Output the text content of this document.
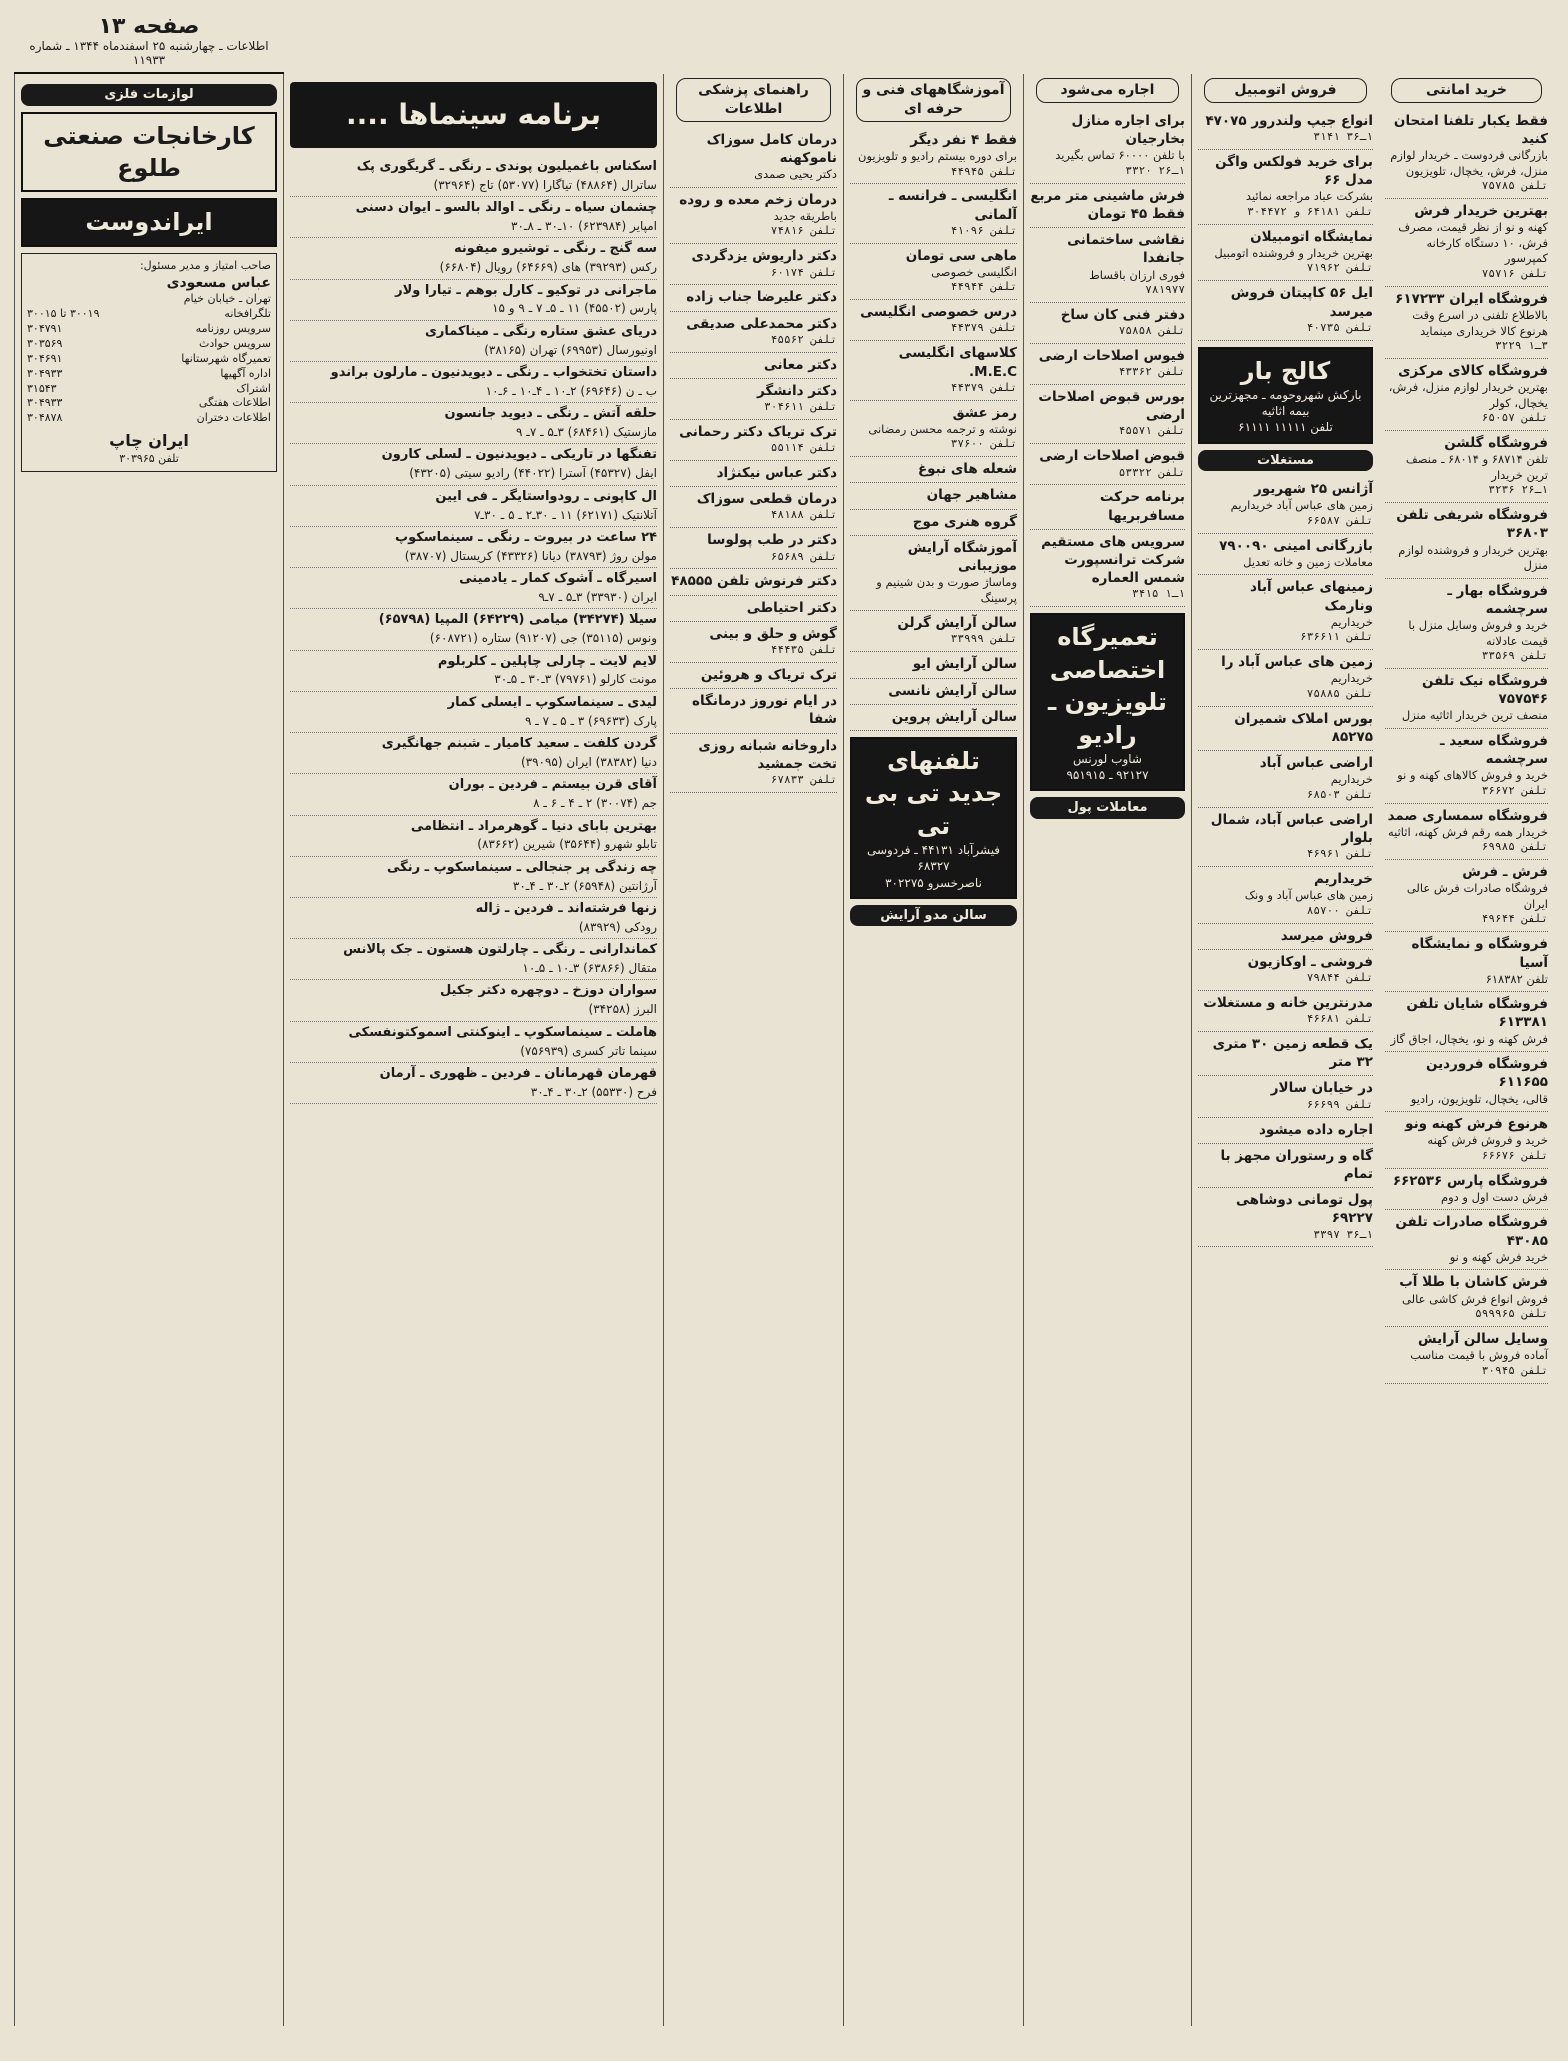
صفحه ۱۳
اطلاعات ـ چهارشنبه ۲۵ اسفندماه ۱۳۴۴ ـ شماره ۱۱۹۳۳
خرید امانتی
فقط یکبار تلفنا امتحان کنید
بازرگانی فردوست ـ خریدار لوازم منزل، فرش، یخچال، تلویزیون
تلفن ۷۵۷۸۵
بهترین خریدار فرش
کهنه و نو از نظر قیمت، مصرف فرش، ۱۰ دستگاه کارخانه کمپرسور
تلفن ۷۵۷۱۶
فروشگاه ایران ۶۱۷۲۳۳
بالاطلاع تلفنی در اسرع وقت هرنوع کالا خریداری مینماید
۳ـ۱ ۳۲۲۹
فروشگاه کالای مرکزی
بهترین خریدار لوازم منزل، فرش، یخچال، کولر
تلفن ۶۵۰۵۷
فروشگاه گلشن
تلفن ۶۸۷۱۴ و ۶۸۰۱۴ ـ منصف ترین خریدار
۱ـ۲۶ ۳۲۳۶
فروشگاه شریفی تلفن ۳۶۸۰۳
بهترین خریدار و فروشنده لوازم منزل
فروشگاه بهار ـ سرچشمه
خرید و فروش وسایل منزل با قیمت عادلانه
تلفن ۳۳۵۶۹
فروشگاه نیک تلفن ۷۵۷۵۴۶
منصف ترین خریدار اثاثیه منزل
فروشگاه سعید ـ سرچشمه
خرید و فروش کالاهای کهنه و نو
تلفن ۳۶۶۷۲
فروشگاه سمساری صمد
خریدار همه رقم فرش کهنه، اثاثیه
تلفن ۶۹۹۸۵
فرش ـ فرش
فروشگاه صادرات فرش عالی ایران
تلفن ۴۹۶۴۴
فروشگاه و نمایشگاه آسیا
تلفن ۶۱۸۳۸۲
فروشگاه شایان تلفن ۶۱۳۳۸۱
فرش کهنه و نو، یخچال، اجاق گاز
فروشگاه فروردین ۶۱۱۶۵۵
قالی، یخچال، تلویزیون، رادیو
هرنوع فرش کهنه ونو
خرید و فروش فرش کهنه
تلفن ۶۶۶۷۶
فروشگاه پارس ۶۶۲۵۳۶
فرش دست اول و دوم
فروشگاه صادرات تلفن ۴۳۰۸۵
خرید فرش کهنه و نو
فرش کاشان با طلا آب
فروش انواع فرش کاشی عالی
تلفن ۵۹۹۹۶۵
وسایل سالن آرایش
آماده فروش با قیمت مناسب
تلفن ۳۰۹۴۵
فروش اتومبیل
انواع جیپ ولندرور ۴۷۰۷۵
۱ـ۳۶ ۳۱۴۱
برای خرید فولکس واگن مدل ۶۶
بشرکت عباد مراجعه نمائید
تلفن ۶۴۱۸۱ و ۳۰۴۴۷۲
نمایشگاه اتومبیلان
بهترین خریدار و فروشنده اتومبیل
تلفن ۷۱۹۶۲
ایل ۵۶ کاپیتان فروش میرسد
تلفن ۴۰۷۳۵
کالج بار
بارکش شهروحومه ـ مجهزترین بیمه اثاثیه
تلفن ۱۱۱۱۱ ۶۱۱۱۱
مستغلات
آژانس ۲۵ شهریور
زمین های عباس آباد خریداریم
تلفن ۶۶۵۸۷
بازرگانی امینی ۷۹۰۰۹۰
معاملات زمین و خانه تعدیل
زمینهای عباس آباد ونارمک
خریداریم
تلفن ۶۳۶۶۱۱
زمین های عباس آباد را
خریداریم
تلفن ۷۵۸۸۵
بورس املاک شمیران ۸۵۲۷۵
اراضی عباس آباد
خریداریم
تلفن ۶۸۵۰۳
اراضی عباس آباد، شمال بلوار
تلفن ۴۶۹۶۱
خریداریم
زمین های عباس آباد و ونک
تلفن ۸۵۷۰۰
فروش میرسد
فروشی ـ اوکازیون
تلفن ۷۹۸۴۴
مدرنترین خانه و مستغلات
تلفن ۴۶۶۸۱
یک قطعه زمین ۳۰ متری ۳۲ متر
در خیابان سالار
تلفن ۶۶۶۹۹
اجاره داده میشود
گاه و رستوران مجهز با تمام
پول تومانی دوشاهی ۶۹۲۲۷
۱ـ۳۶ ۳۳۹۷
اجاره می‌شود
برای اجاره منازل بخارجیان
با تلفن ۶۰۰۰۰ تماس بگیرید
۱ـ۲۶ ۳۳۲۰
فرش ماشینی متر مربع فقط ۴۵ تومان
نقاشی ساختمانی جانفدا
فوری ارزان باقساط
۷۸۱۹۷۷
دفتر فنی کان ساخ
تلفن ۷۵۸۵۸
فیوس اصلاحات ارضی
تلفن ۴۳۳۶۲
بورس قبوض اصلاحات ارضی
تلفن ۴۵۵۷۱
قبوض اصلاحات ارضی
تلفن ۵۳۳۲۲
برنامه حرکت مسافربریها
سرویس های مستقیم شرکت ترانسپورت شمس العماره
۱ـ۱ ۳۴۱۵
تعمیرگاه اختصاصی تلویزیون ـ رادیو
شاوب لورنس
۹۲۱۲۷ ـ ۹۵۱۹۱۵
معاملات پول
آموزشگاههای فنی و حرفه ای
فقط ۴ نفر دیگر
برای دوره بیستم رادیو و تلویزیون
تلفن ۴۴۹۴۵
انگلیسی ـ فرانسه ـ آلمانی
تلفن ۴۱۰۹۶
ماهی سی تومان
انگلیسی خصوصی
تلفن ۴۴۹۴۴
درس خصوصی انگلیسی
تلفن ۴۴۳۷۹
کلاسهای انگلیسی M.E.C.
تلفن ۴۴۳۷۹
رمز عشق
نوشته و ترجمه محسن رمضانی
تلفن ۳۷۶۰۰
شعله های نبوغ
مشاهیر جهان
گروه هنری موج
آموزشگاه آرایش موزیبانی
وماساژ صورت و بدن شینیم و پرسینگ
سالن آرایش گرلن
تلفن ۳۳۹۹۹
سالن آرایش ایو
سالن آرایش نانسی
سالن آرایش پروین
تلفنهای جدید تی بی تی
فیشرآباد ۴۴۱۳۱ ـ فردوسی ۶۸۳۲۷
ناصرخسرو ۳۰۲۲۷۵
سالن مدو آرایش
راهنمای پزشکی اطلاعات
درمان کامل سوزاک ناموکهنه
دکتر یحیی صمدی
درمان زخم معده و روده
باطریقه جدید
تلفن ۷۴۸۱۶
دکتر داریوش یزدگردی
تلفن ۶۰۱۷۴
دکتر علیرضا جناب زاده
دکتر محمدعلی صدیقی
تلفن ۴۵۵۶۲
دکتر معانی
دکتر دانشگر
تلفن ۳۰۴۶۱۱
ترک تریاک دکتر رحمانی
تلفن ۵۵۱۱۴
دکتر عباس نیکنژاد
درمان قطعی سوزاک
تلفن ۴۸۱۸۸
دکتر در طب پولوسا
تلفن ۶۵۶۸۹
دکتر فرنوش تلفن ۴۸۵۵۵
دکتر احتیاطی
گوش و حلق و بینی
تلفن ۴۴۴۳۵
ترک تریاک و هروئین
در ایام نوروز درمانگاه شفا
داروخانه شبانه روزی تخت جمشید
تلفن ۶۷۸۳۳
برنامه سینماها ....
اسکناس باغمیلیون پوندی ـ رنگی ـ گریگوری پک
ساترال (۴۸۸۶۴) تیاگارا (۵۳۰۷۷) تاج (۳۲۹۶۴)
چشمان سیاه ـ رنگی ـ اوالد بالسو ـ ایوان دسنی
امپایر (۶۲۳۹۸۴) ۱۰ـ۳۰ ـ ۸ـ۳۰
سه گنج ـ رنگی ـ توشیرو میفونه
رکس (۳۹۲۹۳) های (۶۴۶۶۹) رویال (۶۶۸۰۴)
ماجرانی در توکیو ـ کارل بوهم ـ تیارا ولار
پارس (۴۵۵۰۲) ۱۱ ـ ۵ـ ۷ ـ ۹ و ۱۵
دریای عشق ستاره رنگی ـ میناکماری
اونیورسال (۶۹۹۵۳) تهران (۳۸۱۶۵)
داستان تختخواب ـ رنگی ـ دیویدنیون ـ مارلون براندو
ب ـ ن (۶۹۶۴۶) ۲ـ۱۰ ـ ۴ـ۱۰ ـ ۶ـ۱۰
حلقه آتش ـ رنگی ـ دیوید جانسون
مازستیک (۶۸۴۶۱) ۳ـ۵ ـ ۷ـ ۹
تفنگها در تاریکی ـ دیویدنیون ـ لسلی کارون
ایفل (۴۵۳۲۷) آسترا (۴۴۰۲۲) رادیو سیتی (۴۳۲۰۵)
ال کاپونی ـ رودواستایگر ـ فی ایین
آتلانتیک (۶۲۱۷۱) ۱۱ ـ ۳۰ـ۲ ـ ۵ ـ ۳۰ـ۷
۲۴ ساعت در بیروت ـ رنگی ـ سینماسکوپ
مولن روژ (۳۸۷۹۳) دیانا (۴۳۳۲۶) کریستال (۳۸۷۰۷)
اسیرگاه ـ آشوک کمار ـ یادمینی
ایران (۳۳۹۳۰) ۳ـ۵ ـ ۷ـ۹
سیلا (۳۴۲۷۴) میامی (۶۴۲۲۹) المپیا (۶۵۷۹۸)
ونوس (۳۵۱۱۵) جی (۹۱۲۰۷) ستاره (۶۰۸۷۲۱)
لایم لایت ـ چارلی چاپلین ـ کلربلوم
مونت کارلو (۷۹۷۶۱) ۳ـ۳۰ ـ ۵ـ۳۰
لیدی ـ سینماسکوپ ـ ایسلی کمار
پارک (۶۹۶۳۳) ۳ ـ ۵ ـ ۷ ـ ۹
گردن کلفت ـ سعید کامیار ـ شبنم جهانگیری
دنیا (۳۸۳۸۲) ایران (۳۹۰۹۵)
آقای قرن بیستم ـ فردین ـ بوران
جم (۳۰۰۷۴) ۲ ـ ۴ ـ ۶ ـ ۸
بهترین بابای دنیا ـ گوهرمراد ـ انتظامی
تابلو شهرو (۳۵۶۴۴) شیرین (۸۳۶۶۲)
چه زندگی پر جنجالی ـ سینماسکوپ ـ رنگی
آرژانتین (۶۵۹۴۸) ۲ـ۳۰ ـ ۴ـ۳۰
زنها فرشته‌اند ـ فردین ـ ژاله
رودکی (۸۳۹۲۹)
کماندارانی ـ رنگی ـ چارلتون هستون ـ جک پالانس
متقال (۶۳۸۶۶) ۳ـ۱۰ ـ ۵ـ۱۰
سواران دوزخ ـ دوچهره دکتر جکیل
البرز (۳۴۲۵۸)
هاملت ـ سینماسکوپ ـ اینوکنتی اسموکتونفسکی
سینما تاتر کسری (۷۵۶۹۳۹)
قهرمان قهرمانان ـ فردین ـ ظهوری ـ آرمان
فرح (۵۵۳۳۰) ۲ـ۳۰ ـ ۴ـ۳۰
لوازمات فلزی
کارخانجات صنعتی طلوع
ایراندوست
صاحب امتیاز و مدیر مسئول:
عباس مسعودی
تهران ـ خیابان خیام
تلگرافخانه
۳۰۰۱۹ تا ۳۰۰۱۵
سرویس روزنامه
۳۰۴۷۹۱
سرویس حوادث
۳۰۳۵۶۹
تعمیرگاه شهرستانها
۳۰۴۶۹۱
اداره آگهیها
۳۰۴۹۳۳
اشتراک
۳۱۵۴۳
اطلاعات هفتگی
۳۰۴۹۳۳
اطلاعات دختران
۳۰۴۸۷۸
ایران چاپ
تلفن ۳۰۳۹۶۵
